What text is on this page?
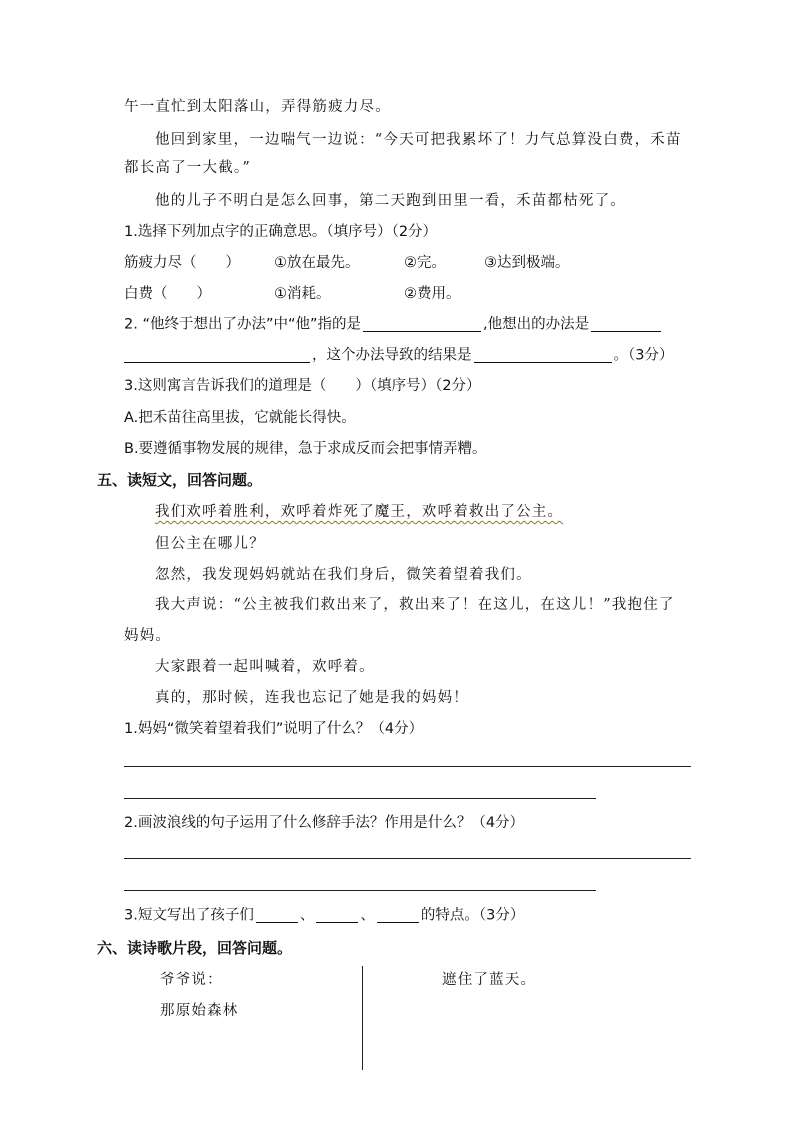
午一直忙到太阳落山，弄得筋疲力尽。
他回到家里，一边喘气一边说：“今天可把我累坏了！力气总算没白费，禾苗
都长高了一大截。”
他的儿子不明白是怎么回事，第二天跑到田里一看，禾苗都枯死了。
1.选择下列加点字的正确意思。（填序号）（2分）
筋疲力尽（　　） ①放在最先。	②完。	③达到极端。
白费（　　）	①消耗。	②费用。
2. “他终于想出了办法”中“他”指的是	,他想出的办法是
，这个办法导致的结果是	。（3分）
3.这则寓言告诉我们的道理是（　　）（填序号）（2分）
A.把禾苗往高里拔，它就能长得快。
B.要遵循事物发展的规律，急于求成反而会把事情弄糟。
五、读短文，回答问题。
我们欢呼着胜利，欢呼着炸死了魔王，欢呼着救出了公主。
但公主在哪儿？
忽然，我发现妈妈就站在我们身后，微笑着望着我们。
我大声说：“公主被我们救出来了，救出来了！在这儿，在这儿！”我抱住了
妈妈。
大家跟着一起叫喊着，欢呼着。
真的，那时候，连我也忘记了她是我的妈妈！
1.妈妈“微笑着望着我们”说明了什么？（4分）
2.画波浪线的句子运用了什么修辞手法？作用是什么？（4分）
3.短文写出了孩子们	、	、	的特点。（3分）
六、读诗歌片段，回答问题。
爷爷说：
那原始森林
遮住了蓝天。
